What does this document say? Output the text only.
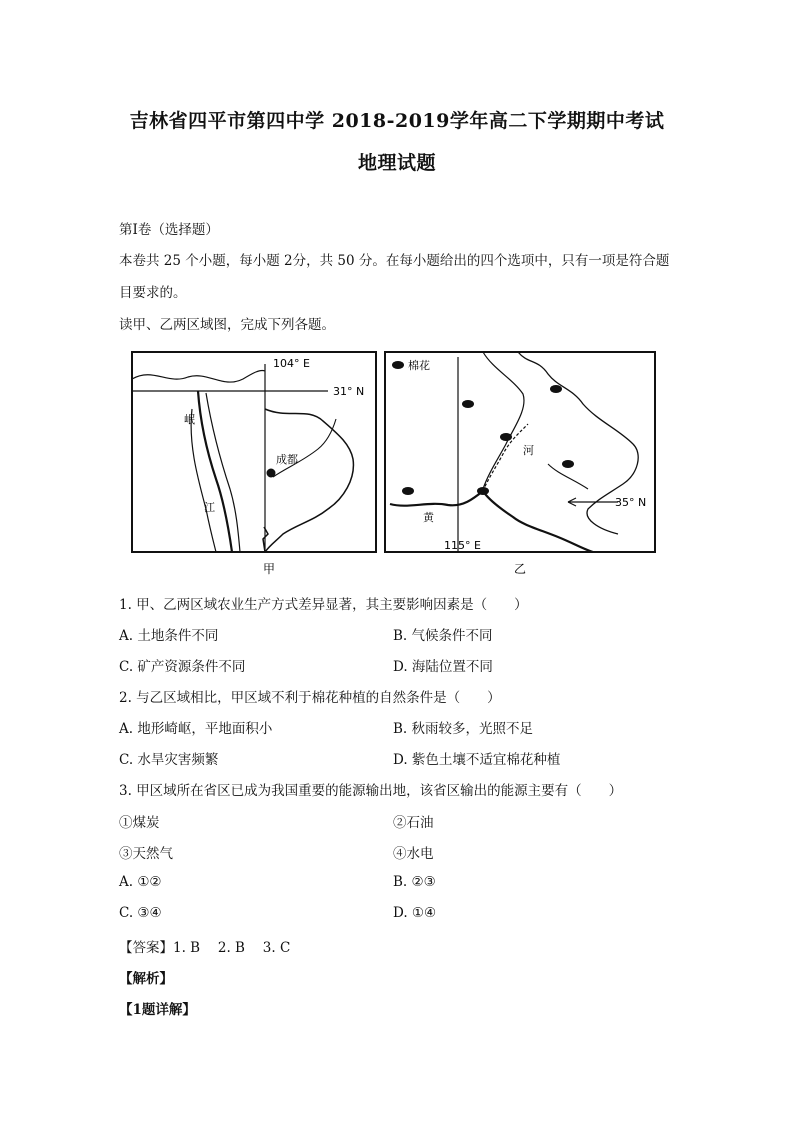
吉林省四平市第四中学 2018-2019学年高二下学期期中考试
地理试题
第Ⅰ卷（选择题）
本卷共 25 个小题，每小题 2分，共 50 分。在每小题给出的四个选项中，只有一项是符合题
目要求的。
读甲、乙两区域图，完成下列各题。
104° E
31° N
成都
岷
江
甲
棉花
115° E
35° N
河
黄
乙
1. 甲、乙两区域农业生产方式差异显著，其主要影响因素是（　　）
A. 土地条件不同	B. 气候条件不同
C. 矿产资源条件不同	D. 海陆位置不同
2. 与乙区域相比，甲区域不利于棉花种植的自然条件是（　　）
A. 地形崎岖，平地面积小	B. 秋雨较多，光照不足
C. 水旱灾害频繁	D. 紫色土壤不适宜棉花种植
3. 甲区域所在省区已成为我国重要的能源输出地，该省区输出的能源主要有（　　）
①煤炭	②石油
③天然气	④水电
A. ①②	B. ②③
C. ③④	D. ①④
【答案】1. B　 2. B　 3. C
【解析】
【1题详解】
